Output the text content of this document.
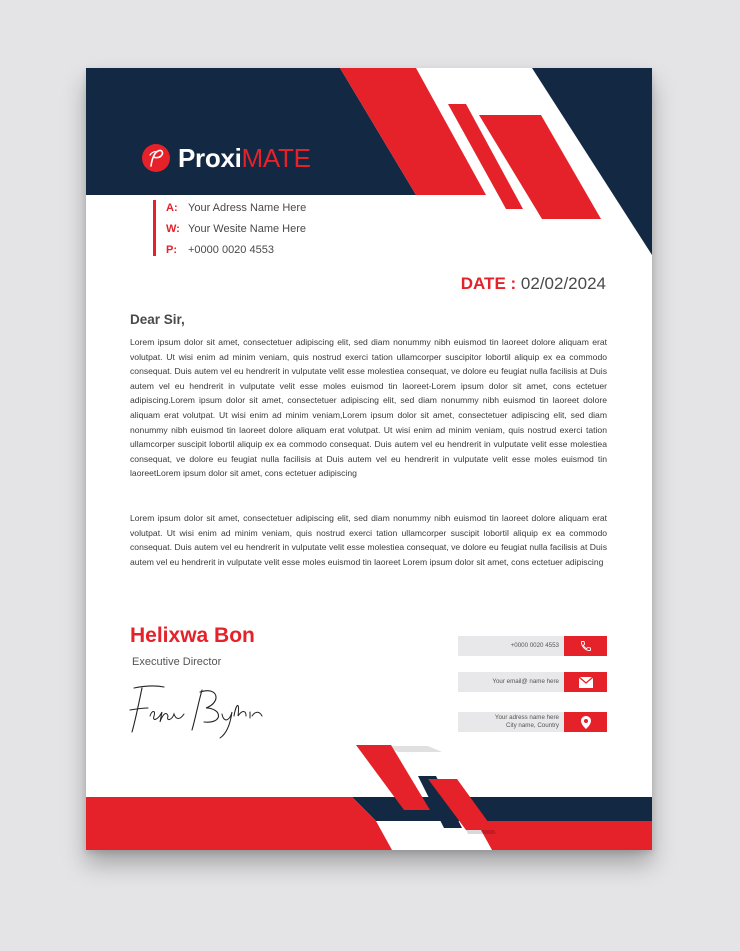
ProxiMATE
A: Your Adress Name Here
W: Your Wesite Name Here
P: +0000 0020 4553
DATE : 02/02/2024
Dear Sir,

Lorem ipsum dolor sit amet, consectetuer adipiscing elit, sed diam nonummy nibh euismod tin laoreet dolore aliquam erat volutpat. Ut wisi enim ad minim veniam, quis nostrud exerci tation ullamcorper suscipitor lobortil aliquip ex ea commodo consequat. Duis autem vel eu hendrerit in vulputate velit esse molestiea consequat, ve dolore eu feugiat nulla facilisis at Duis autem vel eu hendrerit in vulputate velit esse moles euismod tin laoreet-Lorem ipsum dolor sit amet, cons ectetuer adipiscing.Lorem ipsum dolor sit amet, consectetuer adipiscing elit, sed diam nonummy nibh euismod tin laoreet dolore aliquam erat volutpat. Ut wisi enim ad minim veniam,Lorem ipsum dolor sit amet, consectetuer adipiscing elit, sed diam nonummy nibh euismod tin laoreet dolore aliquam erat volutpat. Ut wisi enim ad minim veniam, quis nostrud exerci tation ullamcorper suscipit lobortil aliquip ex ea commodo consequat. Duis autem vel eu hendrerit in vulputate velit esse molestiea consequat, ve dolore eu feugiat nulla facilisis at Duis autem vel eu hendrerit in vulputate velit esse moles euismod tin laoreetLorem ipsum dolor sit amet, cons ectetuer adipiscing

Lorem ipsum dolor sit amet, consectetuer adipiscing elit, sed diam nonummy nibh euismod tin laoreet dolore aliquam erat volutpat. Ut wisi enim ad minim veniam, quis nostrud exerci tation ullamcorper suscipit lobortil aliquip ex ea commodo consequat. Duis autem vel eu hendrerit in vulputate velit esse molestiea consequat, ve dolore eu feugiat nulla facilisis at Duis autem vel eu hendrerit in vulputate velit esse moles euismod tin laoreet Lorem ipsum dolor sit amet, cons ectetuer adipiscing

Helixwa Bon
Executive Director
+0000 0020 4553
Your email@ name here
Your adress name here
City name, Country
